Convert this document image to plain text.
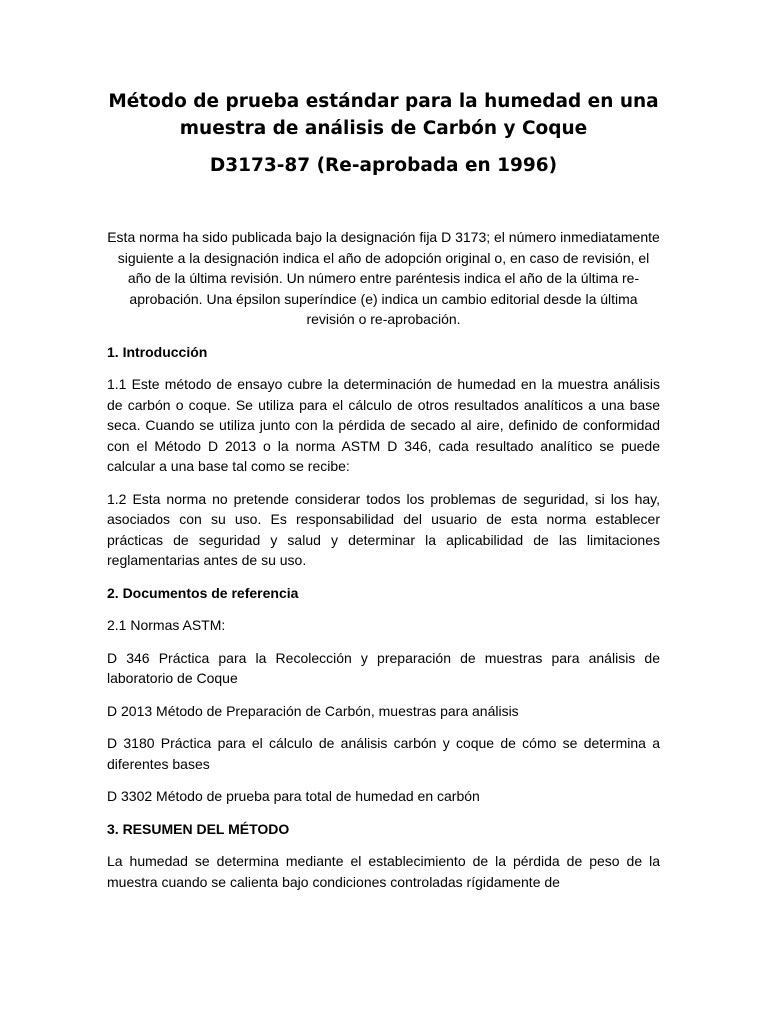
Método de prueba estándar para la humedad en una muestra de análisis de Carbón y Coque
D3173-87 (Re-aprobada en 1996)

Esta norma ha sido publicada bajo la designación fija D 3173; el número inmediatamente siguiente a la designación indica el año de adopción original o, en caso de revisión, el año de la última revisión. Un número entre paréntesis indica el año de la última re-aprobación. Una épsilon superíndice (e) indica un cambio editorial desde la última revisión o re-aprobación.

1. Introducción

1.1 Este método de ensayo cubre la determinación de humedad en la muestra análisis de carbón o coque. Se utiliza para el cálculo de otros resultados analíticos a una base seca. Cuando se utiliza junto con la pérdida de secado al aire, definido de conformidad con el Método D 2013 o la norma ASTM D 346, cada resultado analítico se puede calcular a una base tal como se recibe:

1.2 Esta norma no pretende considerar todos los problemas de seguridad, si los hay, asociados con su uso. Es responsabilidad del usuario de esta norma establecer prácticas de seguridad y salud y determinar la aplicabilidad de las limitaciones reglamentarias antes de su uso.

2. Documentos de referencia

2.1 Normas ASTM:

D 346 Práctica para la Recolección y preparación de muestras para análisis de laboratorio de Coque

D 2013 Método de Preparación de Carbón, muestras para análisis

D 3180 Práctica para el cálculo de análisis carbón y coque de cómo se determina a diferentes bases

D 3302 Método de prueba para total de humedad en carbón

3. RESUMEN DEL MÉTODO

La humedad se determina mediante el establecimiento de la pérdida de peso de la muestra cuando se calienta bajo condiciones controladas rígidamente de
